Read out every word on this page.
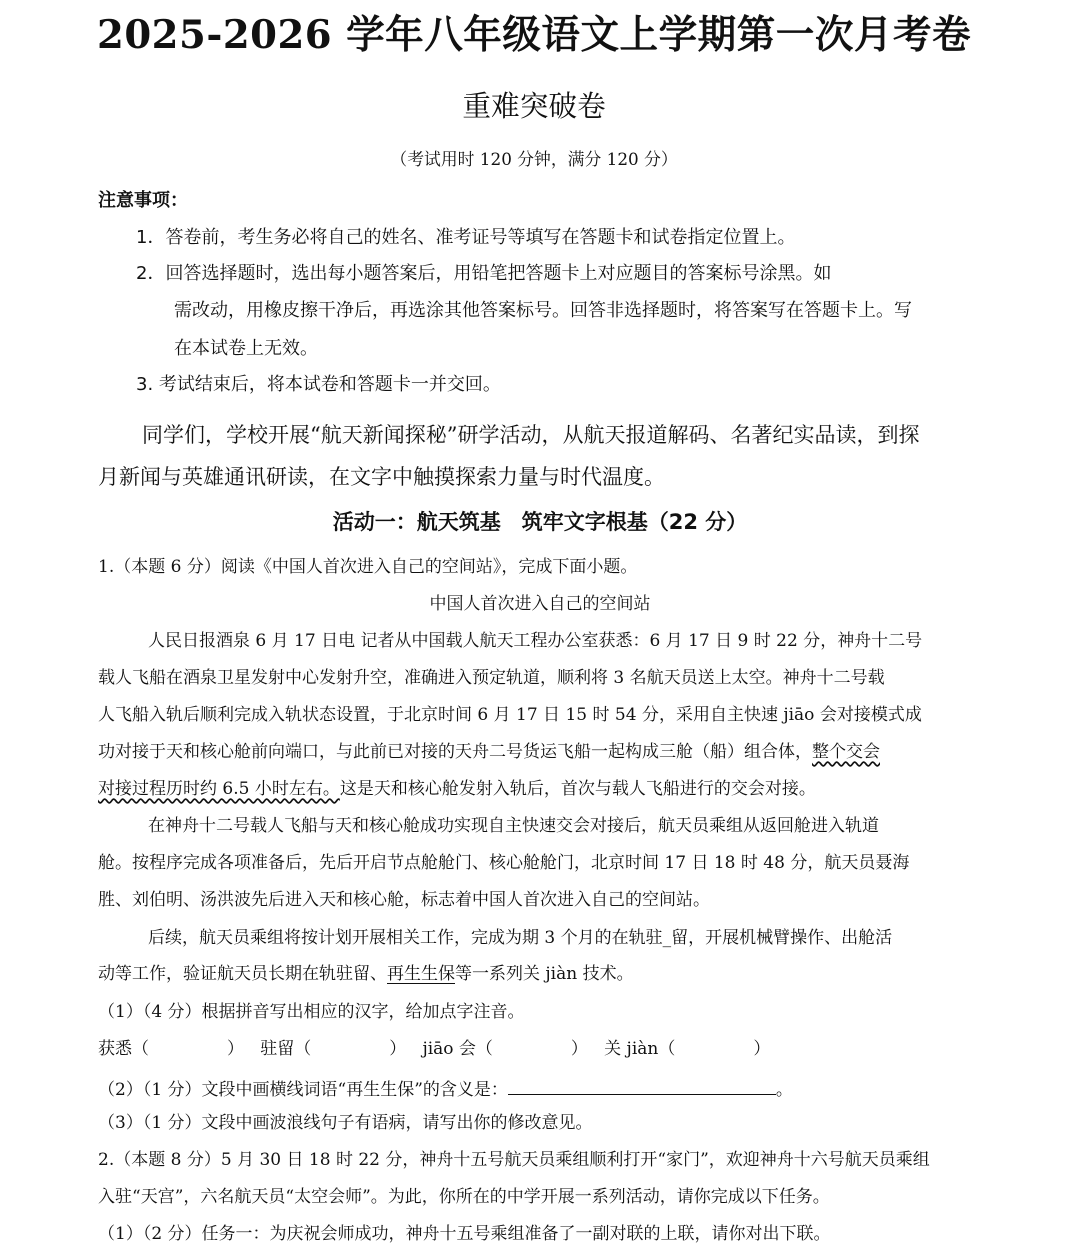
2025-2026 学年八年级语文上学期第一次月考卷
重难突破卷
（考试用时 120 分钟，满分 120 分）
注意事项：
1．答卷前，考生务必将自己的姓名、准考证号等填写在答题卡和试卷指定位置上。
2．回答选择题时，选出每小题答案后，用铅笔把答题卡上对应题目的答案标号涂黑。如
需改动，用橡皮擦干净后，再选涂其他答案标号。回答非选择题时，将答案写在答题卡上。写
在本试卷上无效。
3. 考试结束后，将本试卷和答题卡一并交回。
同学们，学校开展“航天新闻探秘”研学活动，从航天报道解码、名著纪实品读，到探
月新闻与英雄通讯研读，在文字中触摸探索力量与时代温度。
活动一：航天筑基　筑牢文字根基（22 分）
1.（本题 6 分）阅读《中国人首次进入自己的空间站》，完成下面小题。
中国人首次进入自己的空间站
人民日报酒泉 6 月 17 日电 记者从中国载人航天工程办公室获悉：6 月 17 日 9 时 22 分，神舟十二号
载人飞船在酒泉卫星发射中心发射升空，准确进入预定轨道，顺利将 3 名航天员送上太空。神舟十二号载
人飞船入轨后顺利完成入轨状态设置，于北京时间 6 月 17 日 15 时 54 分，采用自主快速 jiāo 会对接模式成
功对接于天和核心舱前向端口，与此前已对接的天舟二号货运飞船一起构成三舱（船）组合体，整个交会
对接过程历时约 6.5 小时左右。这是天和核心舱发射入轨后，首次与载人飞船进行的交会对接。
在神舟十二号载人飞船与天和核心舱成功实现自主快速交会对接后，航天员乘组从返回舱进入轨道
舱。按程序完成各项准备后，先后开启节点舱舱门、核心舱舱门，北京时间 17 日 18 时 48 分，航天员聂海
胜、刘伯明、汤洪波先后进入天和核心舱，标志着中国人首次进入自己的空间站。
后续，航天员乘组将按计划开展相关工作，完成为期 3 个月的在轨驻_留，开展机械臂操作、出舱活
动等工作，验证航天员长期在轨驻留、再生生保等一系列关 jiàn 技术。
（1）（4 分）根据拼音写出相应的汉字，给加点字注音。
获悉（	） 驻留（	） jiāo 会（	） 关 jiàn（	）
（2）（1 分）文段中画横线词语“再生生保”的含义是：	。
（3）（1 分）文段中画波浪线句子有语病，请写出你的修改意见。
2.（本题 8 分）5 月 30 日 18 时 22 分，神舟十五号航天员乘组顺利打开“家门”，欢迎神舟十六号航天员乘组
入驻“天宫”，六名航天员“太空会师”。为此，你所在的中学开展一系列活动，请你完成以下任务。
（1）（2 分）任务一：为庆祝会师成功，神舟十五号乘组准备了一副对联的上联，请你对出下联。
